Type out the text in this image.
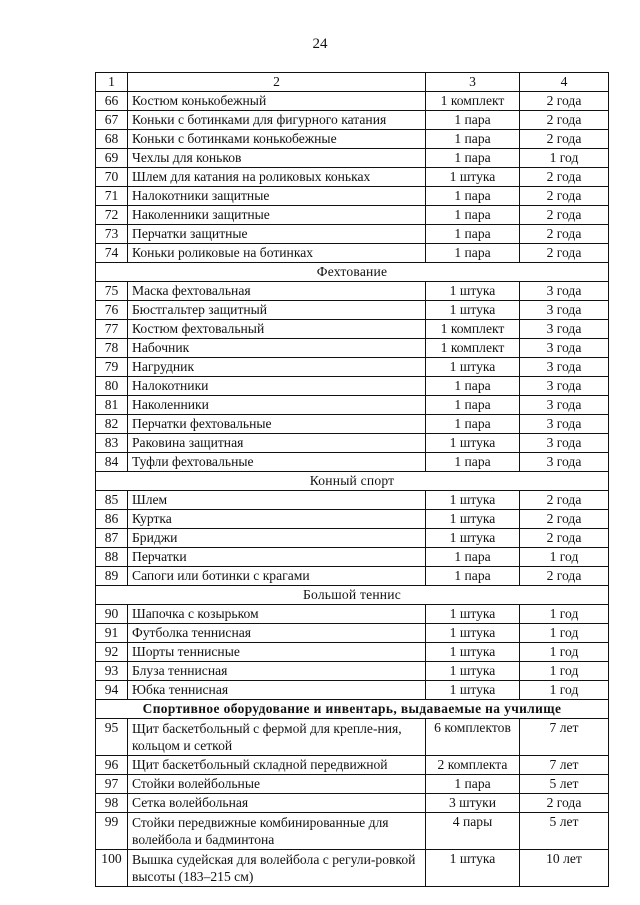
24
1	2	3	4
66	Костюм конькобежный	1 комплект	2 года
67	Коньки с ботинками для фигурного катания	1 пара	2 года
68	Коньки с ботинками конькобежные	1 пара	2 года
69	Чехлы для коньков	1 пара	1 год
70	Шлем для катания на роликовых коньках	1 штука	2 года
71	Налокотники защитные	1 пара	2 года
72	Наколенники защитные	1 пара	2 года
73	Перчатки защитные	1 пара	2 года
74	Коньки роликовые на ботинках	1 пара	2 года
Фехтование			
75	Маска фехтовальная	1 штука	3 года
76	Бюстгальтер защитный	1 штука	3 года
77	Костюм фехтовальный	1 комплект	3 года
78	Набочник	1 комплект	3 года
79	Нагрудник	1 штука	3 года
80	Налокотники	1 пара	3 года
81	Наколенники	1 пара	3 года
82	Перчатки фехтовальные	1 пара	3 года
83	Раковина защитная	1 штука	3 года
84	Туфли фехтовальные	1 пара	3 года
Конный спорт			
85	Шлем	1 штука	2 года
86	Куртка	1 штука	2 года
87	Бриджи	1 штука	2 года
88	Перчатки	1 пара	1 год
89	Сапоги или ботинки с крагами	1 пара	2 года
Большой теннис			
90	Шапочка с козырьком	1 штука	1 год
91	Футболка теннисная	1 штука	1 год
92	Шорты теннисные	1 штука	1 год
93	Блуза теннисная	1 штука	1 год
94	Юбка теннисная	1 штука	1 год
Спортивное оборудование и инвентарь, выдаваемые на училище			
95	Щит баскетбольный с фермой для крепле-ния, кольцом и сеткой	6 комплектов	7 лет
96	Щит баскетбольный складной передвижной	2 комплекта	7 лет
97	Стойки волейбольные	1 пара	5 лет
98	Сетка волейбольная	3 штуки	2 года
99	Стойки передвижные комбинированные для волейбола и бадминтона	4 пары	5 лет
100	Вышка судейская для волейбола с регули-ровкой высоты (183–215 см)	1 штука	10 лет
